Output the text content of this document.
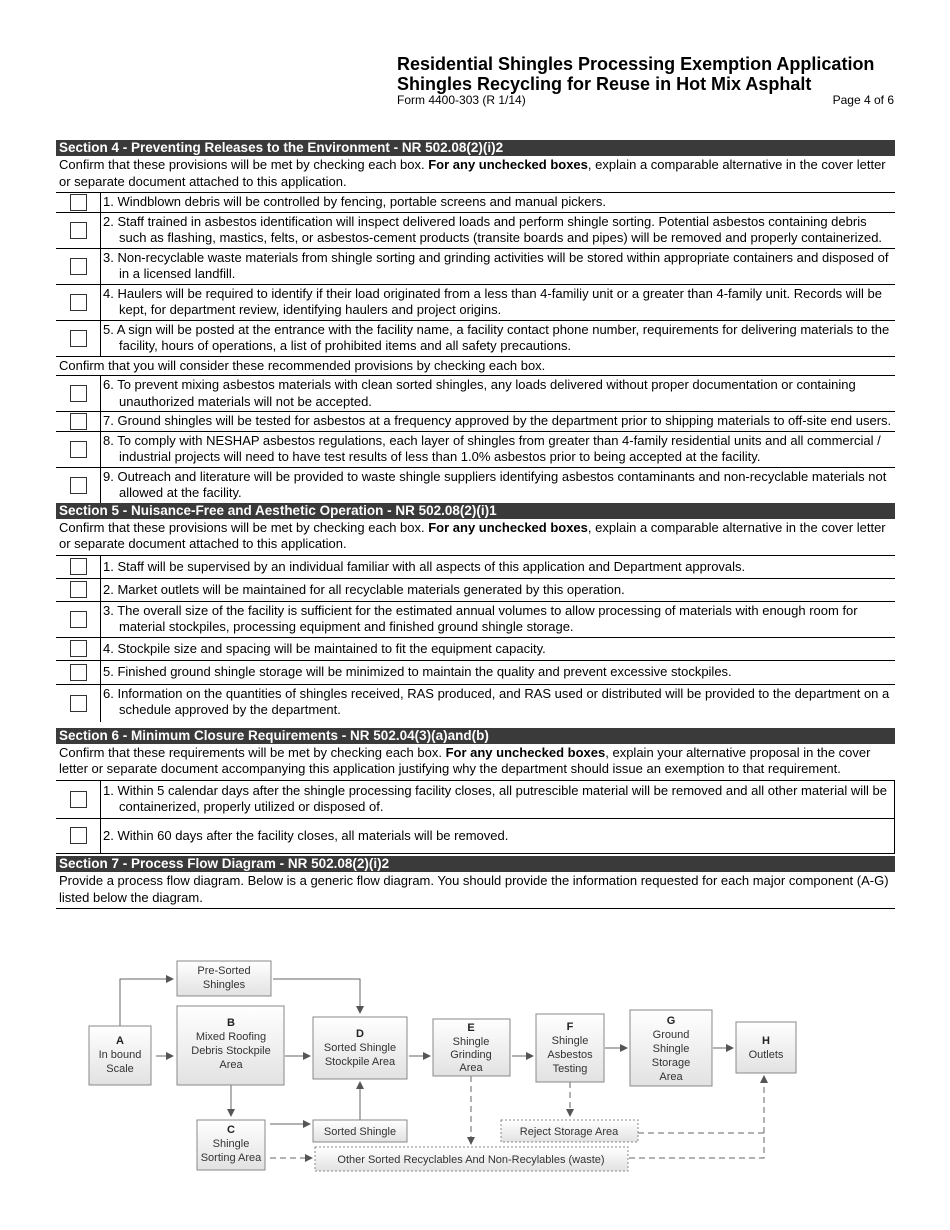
Residential Shingles Processing Exemption Application
Shingles Recycling for Reuse in Hot Mix Asphalt
Form 4400-303 (R 1/14)	Page 4 of 6
Section 4 - Preventing Releases to the Environment - NR 502.08(2)(i)2
Confirm that these provisions will be met by checking each box. For any unchecked boxes, explain a comparable alternative in the cover letter or separate document attached to this application.
1. Windblown debris will be controlled by fencing, portable screens and manual pickers.
2. Staff trained in asbestos identification will inspect delivered loads and perform shingle sorting. Potential asbestos containing debris such as flashing, mastics, felts, or asbestos-cement products (transite boards and pipes) will be removed and properly containerized.
3. Non-recyclable waste materials from shingle sorting and grinding activities will be stored within appropriate containers and disposed of in a licensed landfill.
4. Haulers will be required to identify if their load originated from a less than 4-familiy unit or a greater than 4-family unit. Records will be kept, for department review, identifying haulers and project origins.
5. A sign will be posted at the entrance with the facility name, a facility contact phone number, requirements for delivering materials to the facility, hours of operations, a list of prohibited items and all safety precautions.
Confirm that you will consider these recommended provisions by checking each box.
6. To prevent mixing asbestos materials with clean sorted shingles, any loads delivered without proper documentation or containing unauthorized materials will not be accepted.
7. Ground shingles will be tested for asbestos at a frequency approved by the department prior to shipping materials to off-site end users.
8. To comply with NESHAP asbestos regulations, each layer of shingles from greater than 4-family residential units and all commercial / industrial projects will need to have test results of less than 1.0% asbestos prior to being accepted at the facility.
9. Outreach and literature will be provided to waste shingle suppliers identifying asbestos contaminants and non-recyclable materials not allowed at the facility.
Section 5 - Nuisance-Free and Aesthetic Operation - NR 502.08(2)(i)1
Confirm that these provisions will be met by checking each box. For any unchecked boxes, explain a comparable alternative in the cover letter or separate document attached to this application.
1. Staff will be supervised by an individual familiar with all aspects of this application and Department approvals.
2. Market outlets will be maintained for all recyclable materials generated by this operation.
3. The overall size of the facility is sufficient for the estimated annual volumes to allow processing of materials with enough room for material stockpiles, processing equipment and finished ground shingle storage.
4. Stockpile size and spacing will be maintained to fit the equipment capacity.
5. Finished ground shingle storage will be minimized to maintain the quality and prevent excessive stockpiles.
6. Information on the quantities of shingles received, RAS produced, and RAS used or distributed will be provided to the department on a schedule approved by the department.
Section 6 - Minimum Closure Requirements - NR 502.04(3)(a)and(b)
Confirm that these requirements will be met by checking each box. For any unchecked boxes, explain your alternative proposal in the cover letter or separate document accompanying this application justifying why the department should issue an exemption to that requirement.
1. Within 5 calendar days after the shingle processing facility closes, all putrescible material will be removed and all other material will be containerized, properly utilized or disposed of.
2. Within 60 days after the facility closes, all materials will be removed.
Section 7 - Process Flow Diagram - NR 502.08(2)(i)2
Provide a process flow diagram. Below is a generic flow diagram. You should provide the information requested for each major component (A-G) listed below the diagram.
Pre-Sorted Shingles
A
In bound
Scale
B
Mixed Roofing
Debris Stockpile
Area
C
Shingle
Sorting Area
D
Sorted Shingle
Stockpile Area
E
Shingle
Grinding
Area
F
Shingle
Asbestos
Testing
G
Ground
Shingle
Storage
Area
H
Outlets
Sorted Shingle	Reject Storage Area
Other Sorted Recyclables And Non-Recylables (waste)
